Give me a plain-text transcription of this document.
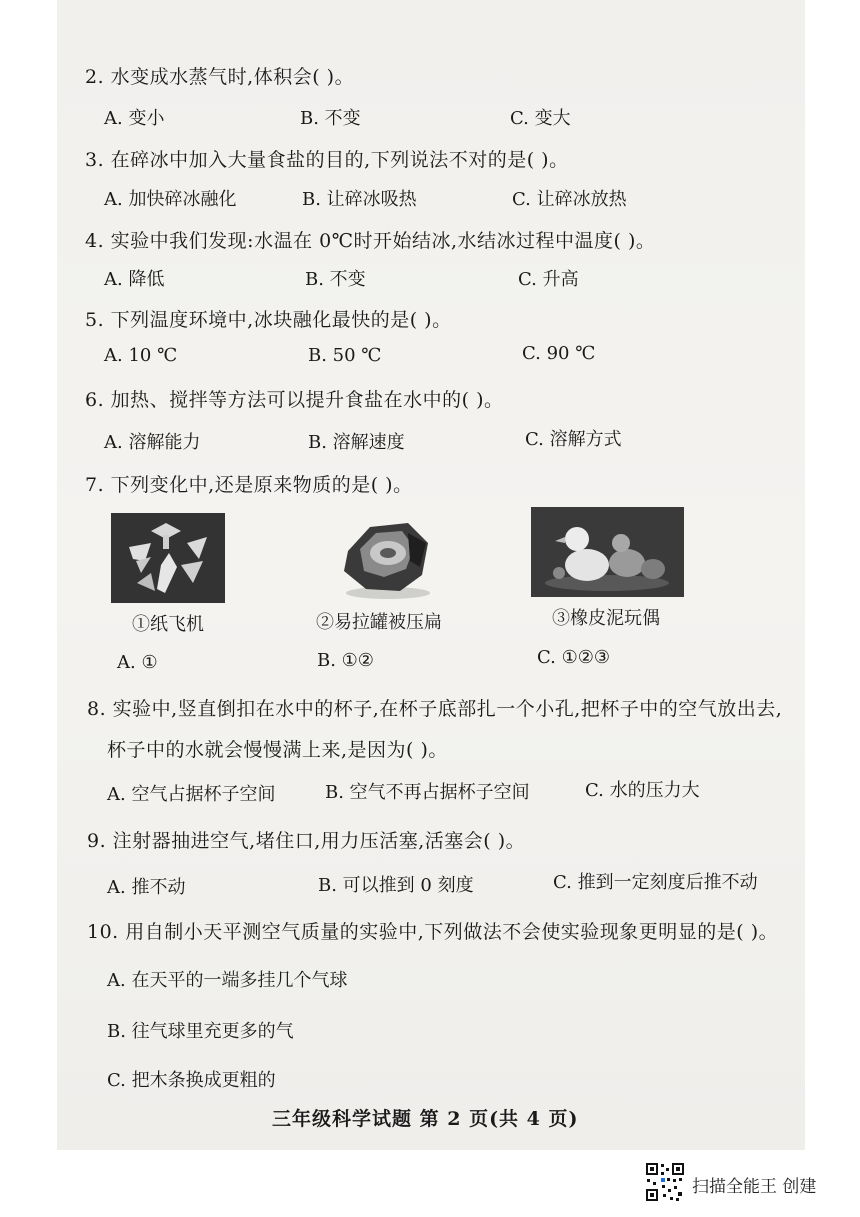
2. 水变成水蒸气时,体积会( )。
A. 变小	B. 不变	C. 变大
3. 在碎冰中加入大量食盐的目的,下列说法不对的是( )。
A. 加快碎冰融化	B. 让碎冰吸热	C. 让碎冰放热
4. 实验中我们发现:水温在 0℃时开始结冰,水结冰过程中温度( )。
A. 降低	B. 不变	C. 升高
5. 下列温度环境中,冰块融化最快的是( )。
A. 10 ℃	B. 50 ℃	C. 90 ℃
6. 加热、搅拌等方法可以提升食盐在水中的( )。
A. 溶解能力	B. 溶解速度	C. 溶解方式
7. 下列变化中,还是原来物质的是( )。
①纸飞机	②易拉罐被压扁	③橡皮泥玩偶
A. ①	B. ①②	C. ①②③
8. 实验中,竖直倒扣在水中的杯子,在杯子底部扎一个小孔,把杯子中的空气放出去,
杯子中的水就会慢慢满上来,是因为( )。
A. 空气占据杯子空间	B. 空气不再占据杯子空间	C. 水的压力大
9. 注射器抽进空气,堵住口,用力压活塞,活塞会( )。
A. 推不动	B. 可以推到 0 刻度	C. 推到一定刻度后推不动
10. 用自制小天平测空气质量的实验中,下列做法不会使实验现象更明显的是( )。
A. 在天平的一端多挂几个气球
B. 往气球里充更多的气
C. 把木条换成更粗的
三年级科学试题 第 2 页(共 4 页)
扫描全能王 创建
